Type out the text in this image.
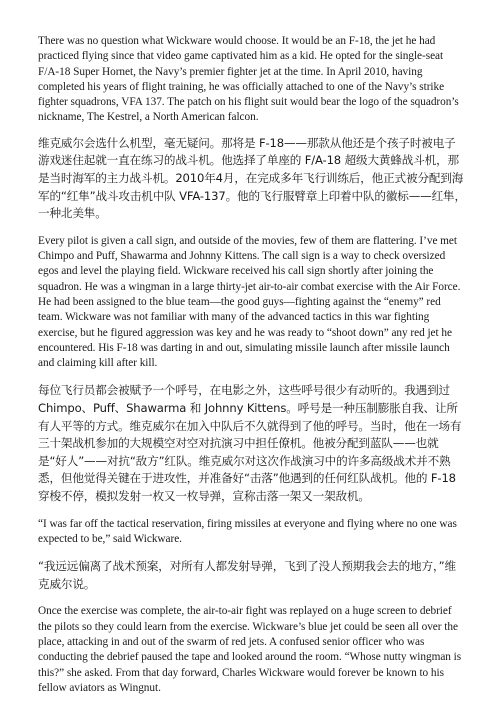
There was no question what Wickware would choose. It would be an F-18, the jet he had practiced flying since that video game captivated him as a kid. He opted for the single-seat F/A-18 Super Hornet, the Navy’s premier fighter jet at the time. In April 2010, having completed his years of flight training, he was officially attached to one of the Navy’s strike fighter squadrons, VFA 137. The patch on his flight suit would bear the logo of the squadron’s nickname, The Kestrel, a North American falcon.

维克威尔会选什么机型，毫无疑问。那将是 F-18——那款从他还是个孩子时被电子游戏迷住起就一直在练习的战斗机。他选择了单座的 F/A-18 超级大黄蜂战斗机，那是当时海军的主力战斗机。2010年4月，在完成多年飞行训练后，他正式被分配到海军的“红隼”战斗攻击机中队 VFA-137。他的飞行服臂章上印着中队的徽标——红隼，一种北美隼。

Every pilot is given a call sign, and outside of the movies, few of them are flattering. I’ve met Chimpo and Puff, Shawarma and Johnny Kittens. The call sign is a way to check oversized egos and level the playing field. Wickware received his call sign shortly after joining the squadron. He was a wingman in a large thirty-jet air-to-air combat exercise with the Air Force. He had been assigned to the blue team—the good guys—fighting against the “enemy” red team. Wickware was not familiar with many of the advanced tactics in this war fighting exercise, but he figured aggression was key and he was ready to “shoot down” any red jet he encountered. His F-18 was darting in and out, simulating missile launch after missile launch and claiming kill after kill.

每位飞行员都会被赋予一个呼号，在电影之外，这些呼号很少有动听的。我遇到过 Chimpo、Puff、Shawarma 和 Johnny Kittens。呼号是一种压制膨胀自我、让所有人平等的方式。维克威尔在加入中队后不久就得到了他的呼号。当时，他在一场有三十架战机参加的大规模空对空对抗演习中担任僚机。他被分配到蓝队——也就是“好人”——对抗“敌方”红队。维克威尔对这次作战演习中的许多高级战术并不熟悉，但他觉得关键在于进攻性，并准备好“击落”他遇到的任何红队战机。他的 F-18 穿梭不停，模拟发射一枚又一枚导弹，宣称击落一架又一架敌机。

“I was far off the tactical reservation, firing missiles at everyone and flying where no one was expected to be,” said Wickware.

“我远远偏离了战术预案，对所有人都发射导弹，飞到了没人预期我会去的地方，”维克威尔说。

Once the exercise was complete, the air-to-air fight was replayed on a huge screen to debrief the pilots so they could learn from the exercise. Wickware’s blue jet could be seen all over the place, attacking in and out of the swarm of red jets. A confused senior officer who was conducting the debrief paused the tape and looked around the room. “Whose nutty wingman is this?” she asked. From that day forward, Charles Wickware would forever be known to his fellow aviators as Wingnut.
